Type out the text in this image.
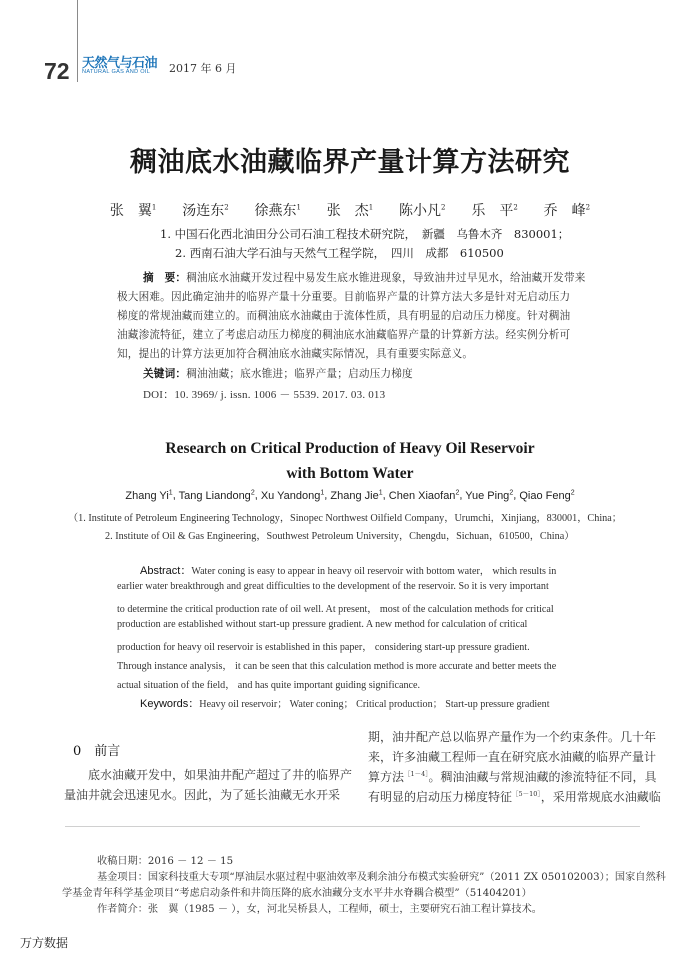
72 天然气与石油
NATURAL GAS AND OIL 2017 年 6 月
稠油底水油藏临界产量计算方法研究
张　翼$^1$ 汤连东$^2$ 徐燕东$^1$ 张　杰$^1$ 陈小凡$^2$ 乐　平$^2$ 乔　峰$^2$
1. 中国石化西北油田分公司石油工程技术研究院，　新疆　乌鲁木齐　830001；
2. 西南石油大学石油与天然气工程学院，　四川　成都　610500
摘　要：稠油底水油藏开发过程中易发生底水锥进现象，导致油井过早见水，给油藏开发带来
极大困难。因此确定油井的临界产量十分重要。目前临界产量的计算方法大多是针对无启动压力
梯度的常规油藏而建立的。而稠油底水油藏由于流体性质，具有明显的启动压力梯度。针对稠油
油藏渗流特征，建立了考虑启动压力梯度的稠油底水油藏临界产量的计算新方法。经实例分析可
知，提出的计算方法更加符合稠油底水油藏实际情况，具有重要实际意义。
关键词：稠油油藏；底水锥进；临界产量；启动压力梯度
DOI：10. 3969/ j. issn. 1006 － 5539. 2017. 03. 013
Research on Critical Production of Heavy Oil Reservoir
with Bottom Water
Zhang Yi$^1$, Tang Liandong$^2$, Xu Yandong$^1$, Zhang Jie$^1$, Chen Xiaofan$^2$, Yue Ping$^2$, Qiao Feng$^2$
（1. Institute of Petroleum Engineering Technology，Sinopec Northwest Oilfield Company，Urumchi，Xinjiang，830001，China；
2. Institute of Oil & Gas Engineering，Southwest Petroleum University，Chengdu，Sichuan，610500，China）
Abstract：Water coning is easy to appear in heavy oil reservoir with bottom water， which results in
earlier water breakthrough and great difficulties to the development of the reservoir. So it is very important
to determine the critical production rate of oil well. At present， most of the calculation methods for critical
production are established without start-up pressure gradient. A new method for calculation of critical
production for heavy oil reservoir is established in this paper， considering start-up pressure gradient.
Through instance analysis， it can be seen that this calculation method is more accurate and better meets the
actual situation of the field， and has quite important guiding significance.
Keywords：Heavy oil reservoir； Water coning； Critical production； Start-up pressure gradient
0　前言
底水油藏开发中，如果油井配产超过了井的临界产
量油井就会迅速见水。因此，为了延长油藏无水开采
期，油井配产总以临界产量作为一个约束条件。几十年
来，许多油藏工程师一直在研究底水油藏的临界产量计
算方法$^{[1-4]}$。稠油油藏与常规油藏的渗流特征不同，具
有明显的启动压力梯度特征$^{[5-10]}$，采用常规底水油藏临
收稿日期：2016 － 12 － 15
基金项目：国家科技重大专项“厚油层水驱过程中驱油效率及剩余油分布模式实验研究”（2011 ZX 050102003）；国家自然科
学基金青年科学基金项目“考虑启动条件和井筒压降的底水油藏分支水平井水脊耦合模型”（51404201）
作者简介：张　翼（1985 － ），女，河北吴桥县人，工程师，硕士，主要研究石油工程计算技术。
万方数据
